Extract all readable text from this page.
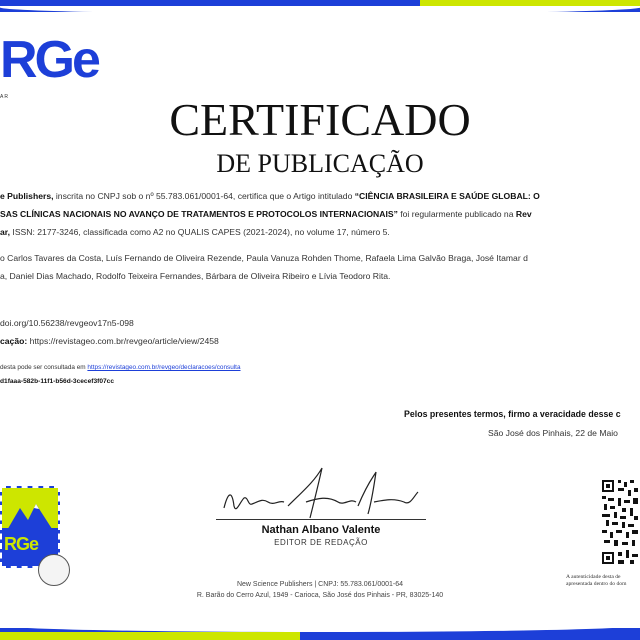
RGe
AR	CERTIFICADO
DE PUBLICAÇÃO
e Publishers, inscrita no CNPJ sob o nº 55.783.061/0001-64, certifica que o Artigo intitulado “CIÊNCIA BRASILEIRA E SAÚDE GLOBAL: O
SAS CLÍNICAS NACIONAIS NO AVANÇO DE TRATAMENTOS E PROTOCOLOS INTERNACIONAIS” foi regularmente publicado na Rev
ar, ISSN: 2177-3246, classificada como A2 no QUALIS CAPES (2021-2024), no volume 17, número 5.
o Carlos Tavares da Costa, Luís Fernando de Oliveira Rezende, Paula Vanuza Rohden Thome, Rafaela Lima Galvão Braga, José Itamar d
a, Daniel Dias Machado, Rodolfo Teixeira Fernandes, Bárbara de Oliveira Ribeiro e Lívia Teodoro Rita.
doi.org/10.56238/revgeov17n5-098
cação: https://revistageo.com.br/revgeo/article/view/2458
desta pode ser consultada em https://revistageo.com.br/revgeo/declaracoes/consulta
d1faaa-582b-11f1-b56d-3cecef3f07cc
Pelos presentes termos, firmo a veracidade desse c
São José dos Pinhais, 22 de Maio
Nathan Albano Valente
EDITOR DE REDAÇÃO
RGe
A autenticidade desta de
apresentada dentro do dom
New Science Publishers | CNPJ: 55.783.061/0001-64
R. Barão do Cerro Azul, 1949 - Carioca, São José dos Pinhais - PR, 83025-140
